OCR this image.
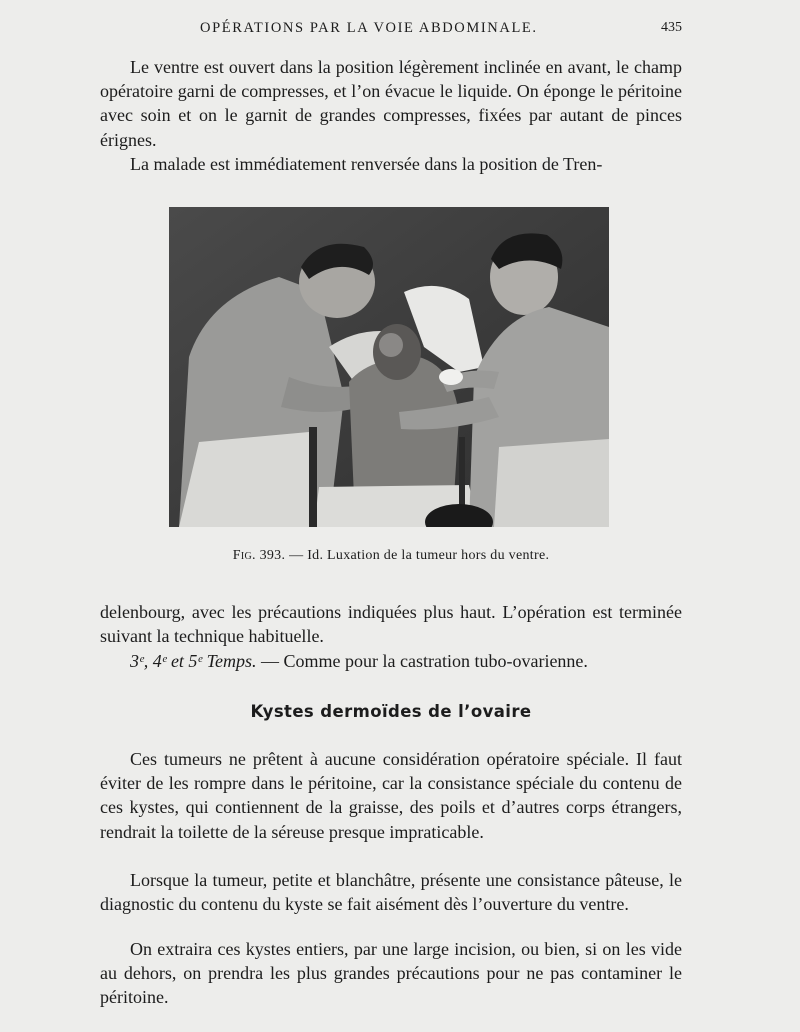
OPÉRATIONS PAR LA VOIE ABDOMINALE.	435

Le ventre est ouvert dans la position légèrement inclinée en avant, le champ opératoire garni de compresses, et l’on évacue le liquide. On éponge le péritoine avec soin et on le garnit de grandes compresses, fixées par autant de pinces érignes.

La malade est immédiatement renversée dans la position de Tren-

Fig. 393. — Id. Luxation de la tumeur hors du ventre.

delenbourg, avec les précautions indiquées plus haut. L’opération est terminée suivant la technique habituelle.

3ᵉ, 4ᵉ et 5ᵉ Temps. — Comme pour la castration tubo-ovarienne.

Kystes dermoïdes de l’ovaire

Ces tumeurs ne prêtent à aucune considération opératoire spéciale. Il faut éviter de les rompre dans le péritoine, car la consistance spéciale du contenu de ces kystes, qui contiennent de la graisse, des poils et d’autres corps étrangers, rendrait la toilette de la séreuse presque impraticable.

Lorsque la tumeur, petite et blanchâtre, présente une consistance pâteuse, le diagnostic du contenu du kyste se fait aisément dès l’ouverture du ventre.

On extraira ces kystes entiers, par une large incision, ou bien, si on les vide au dehors, on prendra les plus grandes précautions pour ne pas contaminer le péritoine.
